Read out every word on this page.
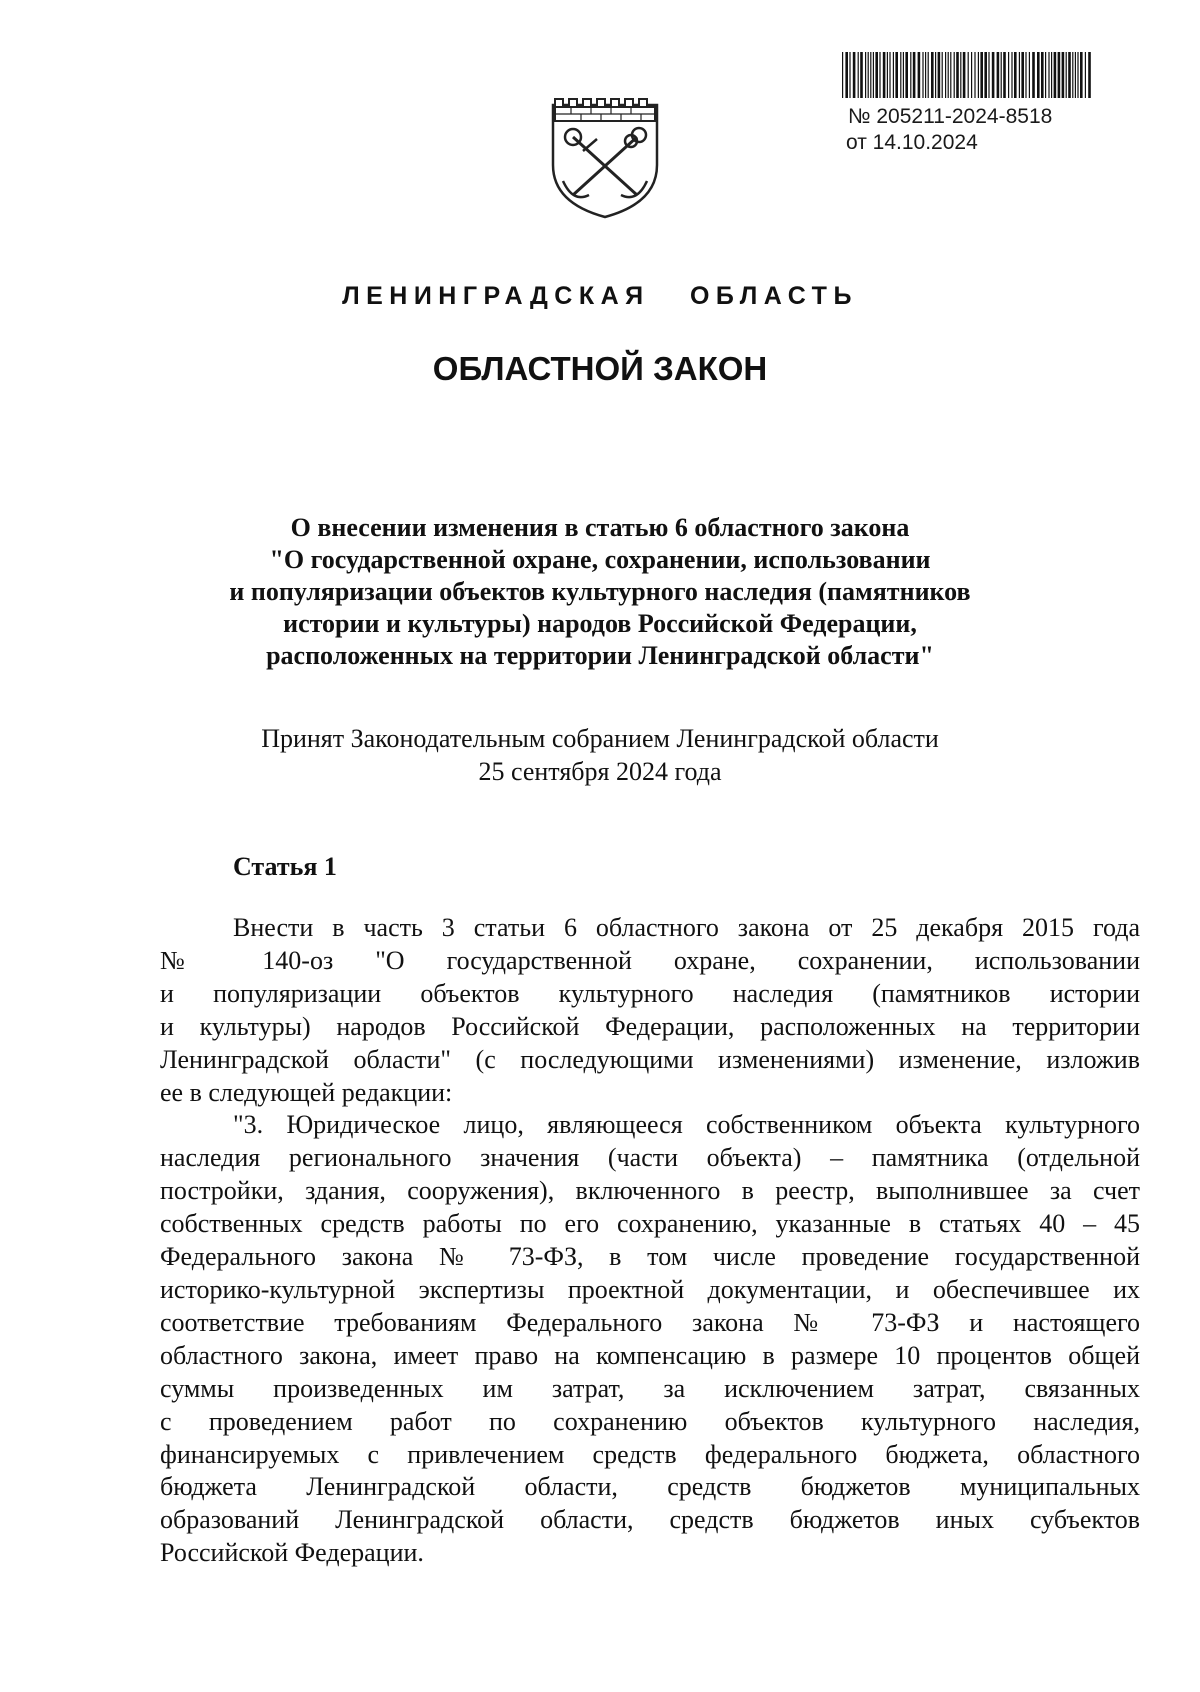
№ 205211-2024-8518
от 14.10.2024
ЛЕНИНГРАДСКАЯ   ОБЛАСТЬ
ОБЛАСТНОЙ ЗАКОН
О внесении изменения в статью 6 областного закона
"О государственной охране, сохранении, использовании
и популяризации объектов культурного наследия (памятников
истории и культуры) народов Российской Федерации,
расположенных на территории Ленинградской области"
Принят Законодательным собранием Ленинградской области
25 сентября 2024 года
Статья 1
Внести в часть 3 статьи 6 областного закона от 25 декабря 2015 года
№ 140-оз "О государственной охране, сохранении, использовании
и популяризации объектов культурного наследия (памятников истории
и культуры) народов Российской Федерации, расположенных на территории
Ленинградской области" (с последующими изменениями) изменение, изложив
ее в следующей редакции:
"3. Юридическое лицо, являющееся собственником объекта культурного
наследия регионального значения (части объекта) – памятника (отдельной
постройки, здания, сооружения), включенного в реестр, выполнившее за счет
собственных средств работы по его сохранению, указанные в статьях 40 – 45
Федерального закона № 73-ФЗ, в том числе проведение государственной
историко-культурной экспертизы проектной документации, и обеспечившее их
соответствие требованиям Федерального закона № 73-ФЗ и настоящего
областного закона, имеет право на компенсацию в размере 10 процентов общей
суммы произведенных им затрат, за исключением затрат, связанных
с проведением работ по сохранению объектов культурного наследия,
финансируемых с привлечением средств федерального бюджета, областного
бюджета Ленинградской области, средств бюджетов муниципальных
образований Ленинградской области, средств бюджетов иных субъектов
Российской Федерации.
